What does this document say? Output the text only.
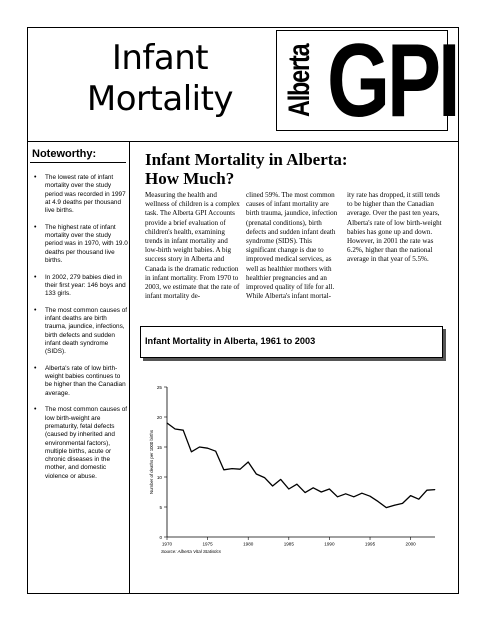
Infant
Mortality	Alberta GPI
Noteworthy:
• The lowest rate of infant mortality over the study period was recorded in 1997 at 4.9 deaths per thousand live births.
• The highest rate of infant mortality over the study period was in 1970, with 19.0 deaths per thousand live births.
• In 2002, 279 babies died in their first year: 146 boys and 133 girls.
• The most common causes of infant deaths are birth trauma, jaundice, infections, birth defects and sudden infant death syndrome (SIDS).
• Alberta's rate of low birth-weight babies continues to be higher than the Canadian average.
• The most common causes of low birth-weight are prematurity, fetal defects (caused by inherited and environmental factors), multiple births, acute or chronic diseases in the mother, and domestic violence or abuse.
Infant Mortality in Alberta:
How Much?
Measuring the health and wellness of children is a complex task. The Alberta GPI Accounts provide a brief evaluation of children's health, examining trends in infant mortality and low-birth weight babies. A big success story in Alberta and Canada is the dramatic reduction in infant mortality. From 1970 to 2003, we estimate that the rate of infant mortality de-
clined 59%. The most common causes of infant mortality are birth trauma, jaundice, infection (prenatal conditions), birth defects and sudden infant death syndrome (SIDS). This significant change is due to improved medical services, as well as healthier mothers with healthier pregnancies and an improved quality of life for all. While Alberta's infant mortal-
ity rate has dropped, it still tends to be higher than the Canadian average. Over the past ten years, Alberta's rate of low birth-weight babies has gone up and down. However, in 2001 the rate was 6.2%, higher than the national average in that year of 5.5%.
Infant Mortality in Alberta, 1961 to 2003
0
5
10
15
20
25
1970	1975	1980	1985	1990	1995	2000
Number of deaths per 1000 births
Source: Alberta Vital Statistics
